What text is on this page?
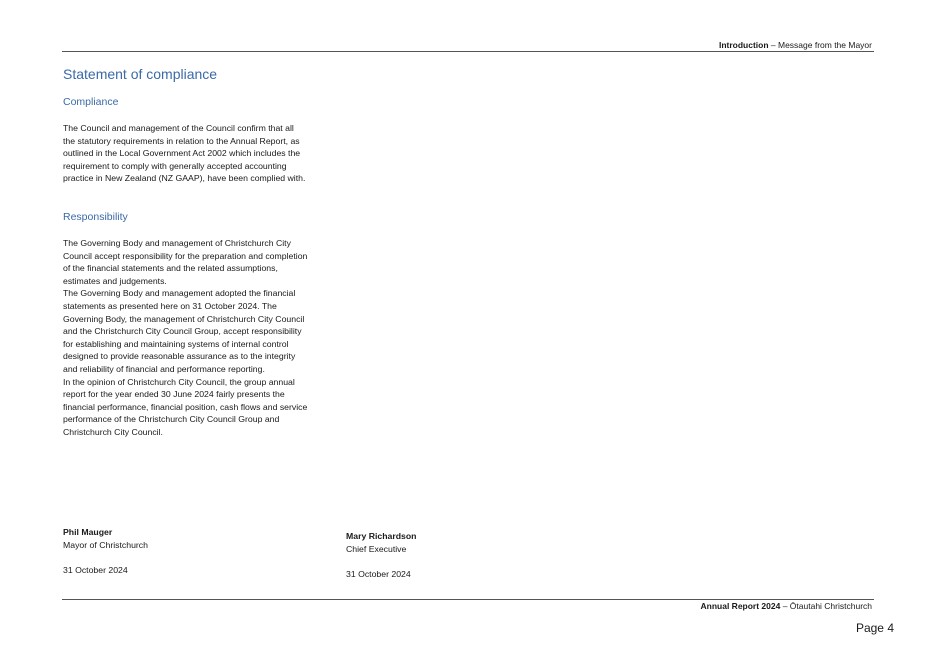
Introduction – Message from the Mayor
Statement of compliance
Compliance

The Council and management of the Council confirm that all the statutory requirements in relation to the Annual Report, as outlined in the Local Government Act 2002 which includes the requirement to comply with generally accepted accounting practice in New Zealand (NZ GAAP), have been complied with.

Responsibility

The Governing Body and management of Christchurch City Council accept responsibility for the preparation and completion of the financial statements and the related assumptions, estimates and judgements.

The Governing Body and management adopted the financial statements as presented here on 31 October 2024. The Governing Body, the management of Christchurch City Council and the Christchurch City Council Group, accept responsibility for establishing and maintaining systems of internal control designed to provide reasonable assurance as to the integrity and reliability of financial and performance reporting.

In the opinion of Christchurch City Council, the group annual report for the year ended 30 June 2024 fairly presents the financial performance, financial position, cash flows and service performance of the Christchurch City Council Group and Christchurch City Council.

Phil Mauger
Mayor of Christchurch
31 October 2024
Mary Richardson
Chief Executive
31 October 2024
Annual Report 2024 – Ōtautahi Christchurch
Page 4
